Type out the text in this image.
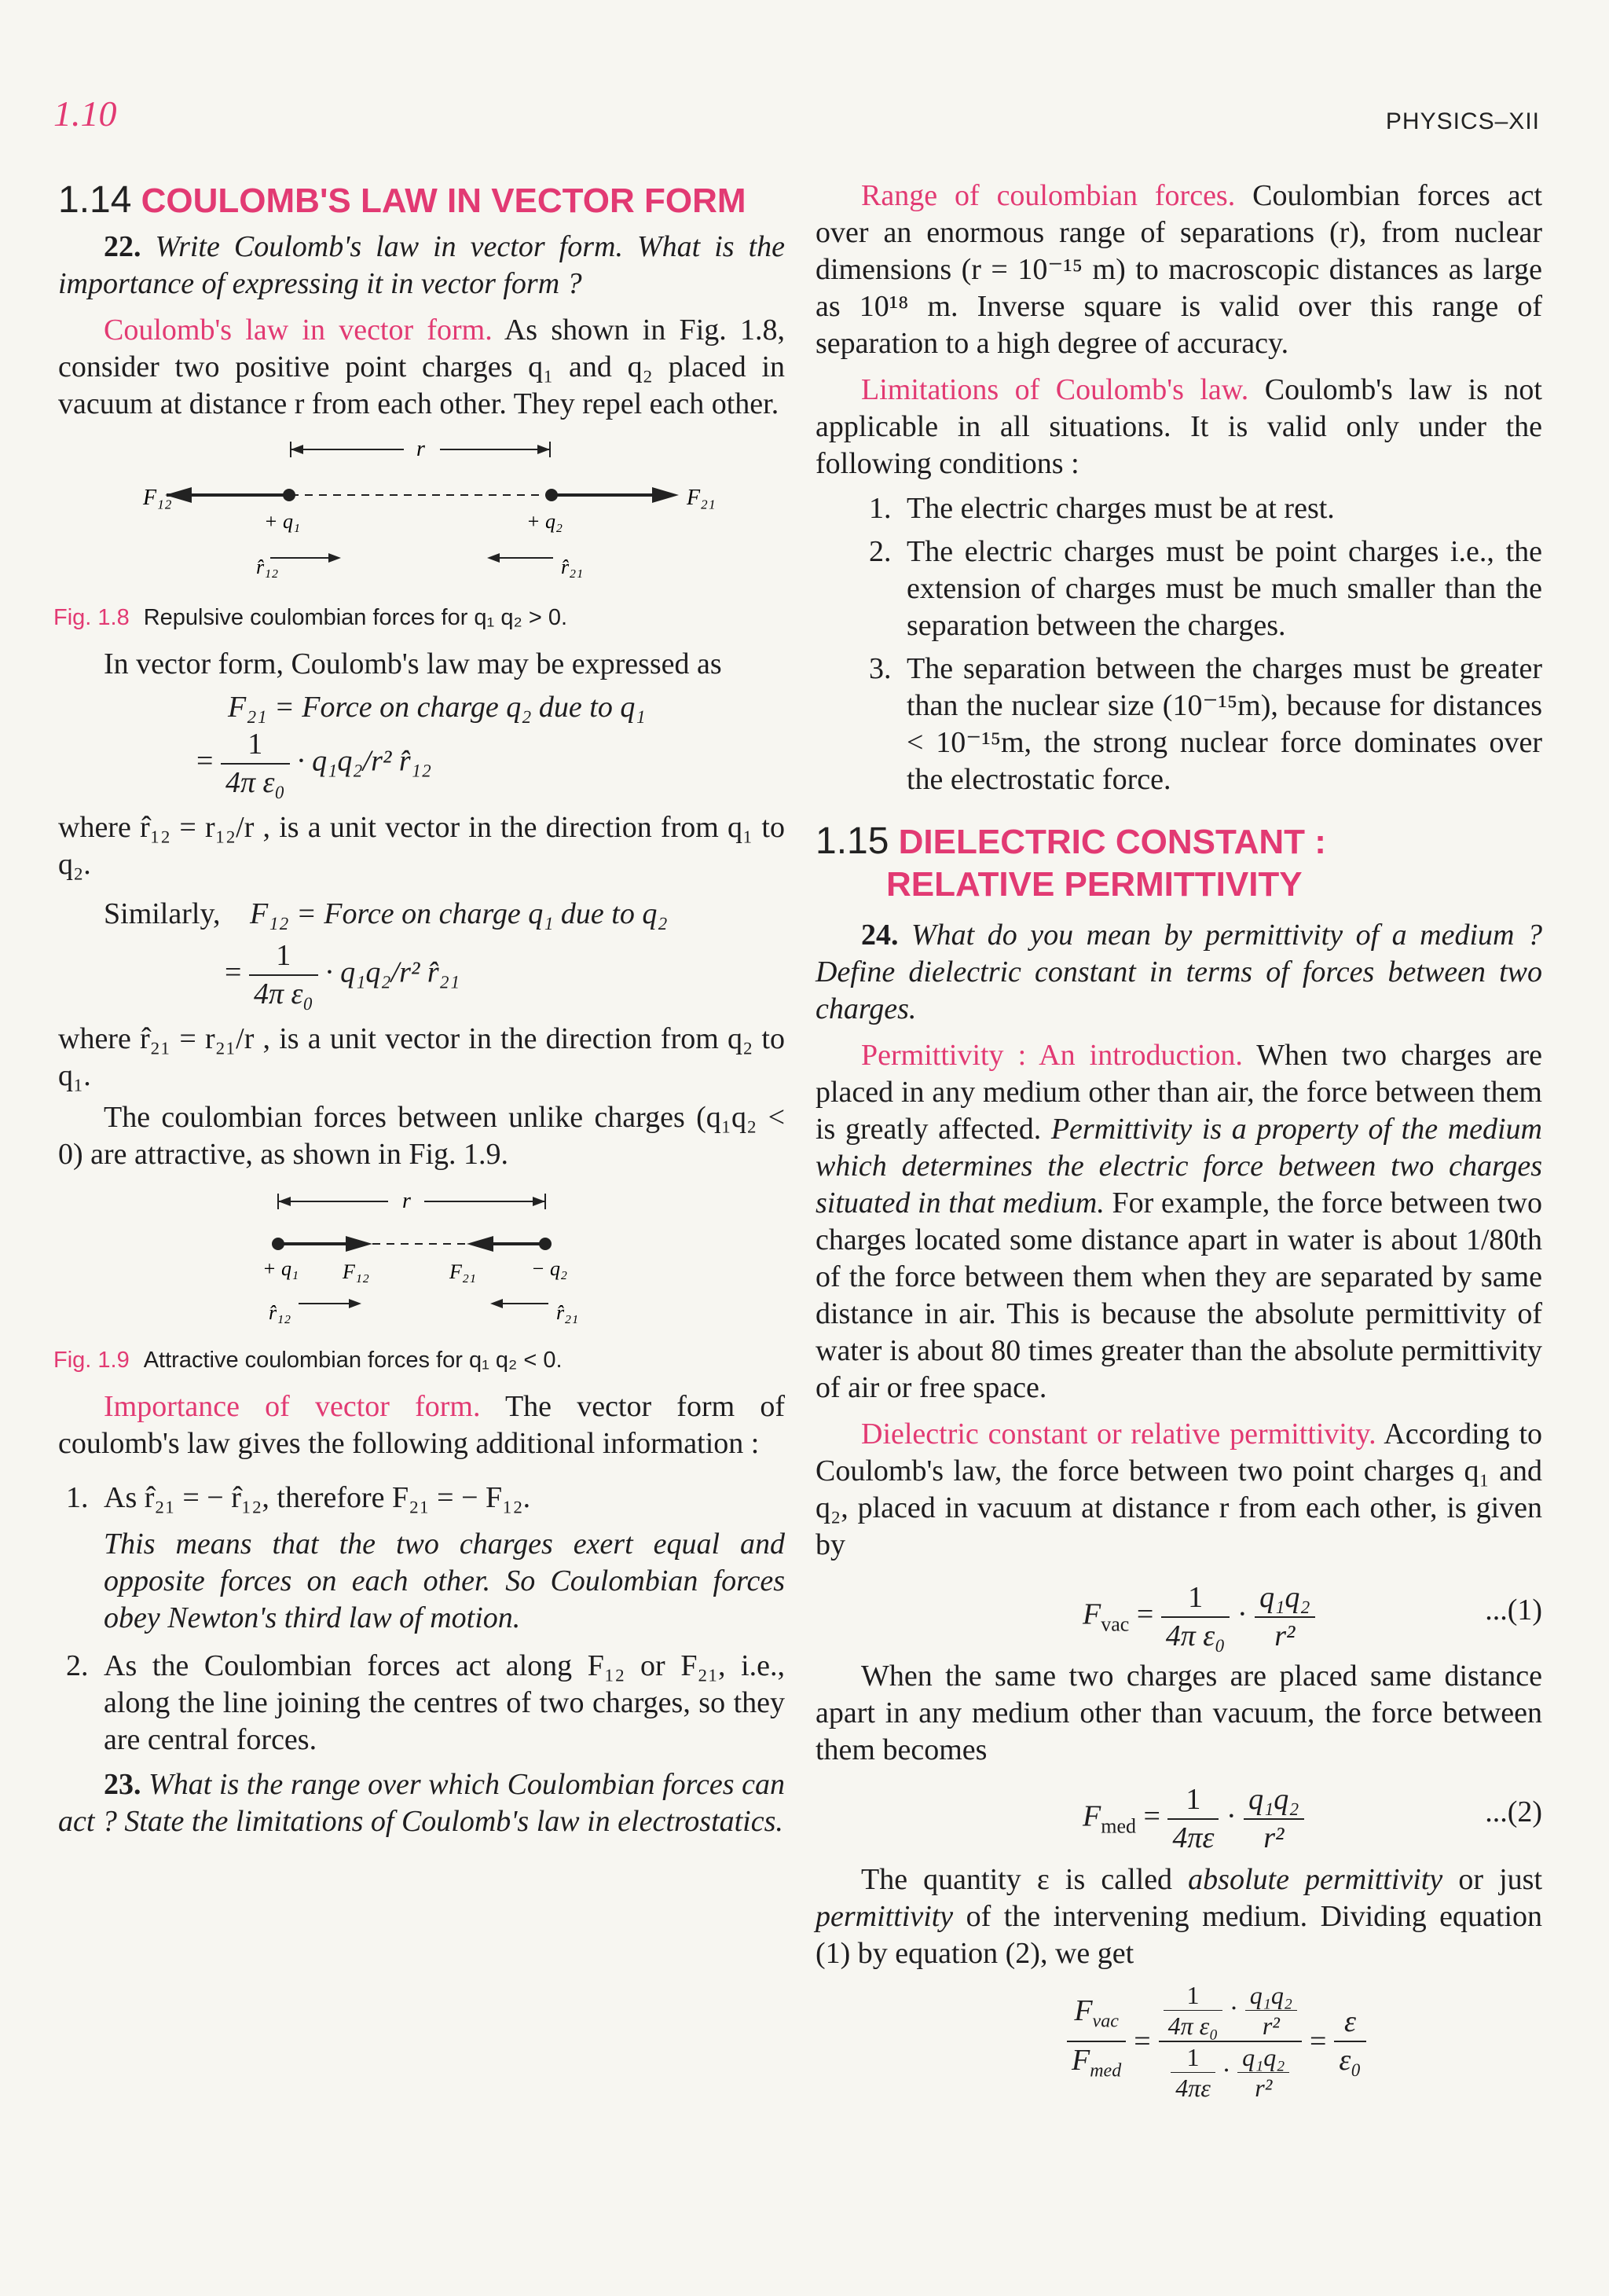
1.10	PHYSICS–XII
1.14 COULOMB'S LAW IN VECTOR FORM

22. Write Coulomb's law in vector form. What is the importance of expressing it in vector form ?

Coulomb's law in vector form. As shown in Fig. 1.8, consider two positive point charges q₁ and q₂ placed in vacuum at distance r from each other. They repel each other.

r
F₁₂	F₂₁
+ q₁	+ q₂
r̂₁₂	r̂₂₁
Fig. 1.8 Repulsive coulombian forces for q₁ q₂ > 0.

In vector form, Coulomb's law may be expressed as

F₂₁ = Force on charge q₂ due to q₁
= $\frac{1}{\text{4π ε₀}} \cdot q_1q_2/r^2$ r̂₁₂

where r̂₁₂ = r₁₂/r , is a unit vector in the direction from q₁ to q₂.

Similarly, F₁₂ = Force on charge q₁ due to q₂
= $\frac{1}{\text{4π ε₀}} \cdot q_1q_2/r^2$ r̂₂₁

where r̂₂₁ = r₂₁/r , is a unit vector in the direction from q₂ to q₁.

The coulombian forces between unlike charges (q₁q₂ < 0) are attractive, as shown in Fig. 1.9.

r
+ q₁ F₁₂	F₂₁	− q₂
r̂₁₂	r̂₂₁
Fig. 1.9 Attractive coulombian forces for q₁ q₂ < 0.

Importance of vector form. The vector form of coulomb's law gives the following additional information :

1. As r̂₂₁ = − r̂₁₂, therefore F₂₁ = − F₁₂.
This means that the two charges exert equal and opposite forces on each other. So Coulombian forces obey Newton's third law of motion.
2. As the Coulombian forces act along F₁₂ or F₂₁, i.e., along the line joining the centres of two charges, so they are central forces.

23. What is the range over which Coulombian forces can act ? State the limitations of Coulomb's law in electrostatics.

Range of coulombian forces. Coulombian forces act over an enormous range of separations (r), from nuclear dimensions (r = 10⁻¹⁵ m) to macroscopic distances as large as 10¹⁸ m. Inverse square is valid over this range of separation to a high degree of accuracy.

Limitations of Coulomb's law. Coulomb's law is not applicable in all situations. It is valid only under the following conditions :

1. The electric charges must be at rest.
2. The electric charges must be point charges i.e., the extension of charges must be much smaller than the separation between the charges.
3. The separation between the charges must be greater than the nuclear size (10⁻¹⁵m), because for distances < 10⁻¹⁵m, the strong nuclear force dominates over the electrostatic force.
1.15 DIELECTRIC CONSTANT :
RELATIVE PERMITTIVITY

24. What do you mean by permittivity of a medium ? Define dielectric constant in terms of forces between two charges.

Permittivity : An introduction. When two charges are placed in any medium other than air, the force between them is greatly affected. Permittivity is a property of the medium which determines the electric force between two charges situated in that medium. For example, the force between two charges located some distance apart in water is about 1/80th of the force between them when they are separated by same distance in air. This is because the absolute permittivity of water is about 80 times greater than the absolute permittivity of air or free space.

Dielectric constant or relative permittivity. According to Coulomb's law, the force between two point charges q₁ and q₂, placed in vacuum at distance r from each other, is given by

$F_{vac} = \frac{1}{\text{4π ε₀}} \cdot \frac{\text{q₁q₂}}{\text{r²}}$	...(1)

When the same two charges are placed same distance apart in any medium other than vacuum, the force between them becomes

$F_{med} = \frac{1}{4\pi\varepsilon} \cdot \frac{\text{q₁q₂}}{\text{r²}}$	...(2)

The quantity ε is called absolute permittivity or just permittivity of the intervening medium. Dividing equation (1) by equation (2), we get

$\frac{F_{vac}}{F_{med}} = \frac{\frac{1}{\text{4π ε₀}} \cdot \frac{\text{q₁q₂}}{\text{r²}}}{\frac{1}{4\pi\varepsilon} \cdot \frac{\text{q₁q₂}}{\text{r²}}} = \frac{\varepsilon}{\text{ε₀}}$
